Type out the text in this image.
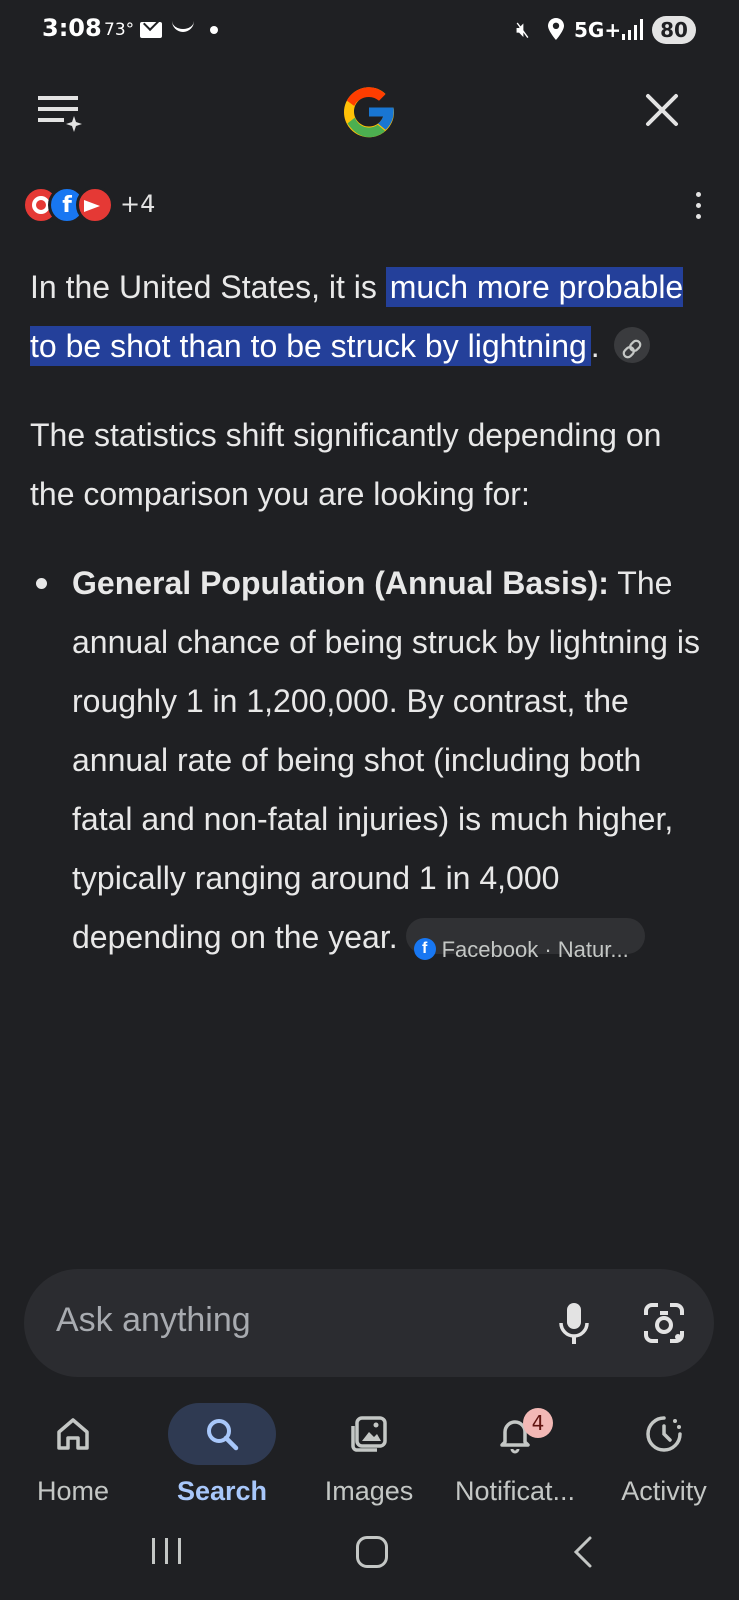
3:08 73°	🔇︎ 5G+	80
f	+4

In the United States, it is much more probable to be shot than to be struck by lightning .

The statistics shift significantly depending on the comparison you are looking for:

General Population (Annual Basis): The annual chance of being struck by lightning is roughly 1 in 1,200,000. By contrast, the annual rate of being shot (including both fatal and non-fatal injuries) is much higher, typically ranging around 1 in 4,000 depending on the year. f Facebook · Natur...
Ask anything
Home	Search	Images
4
Notificat...	Activity
